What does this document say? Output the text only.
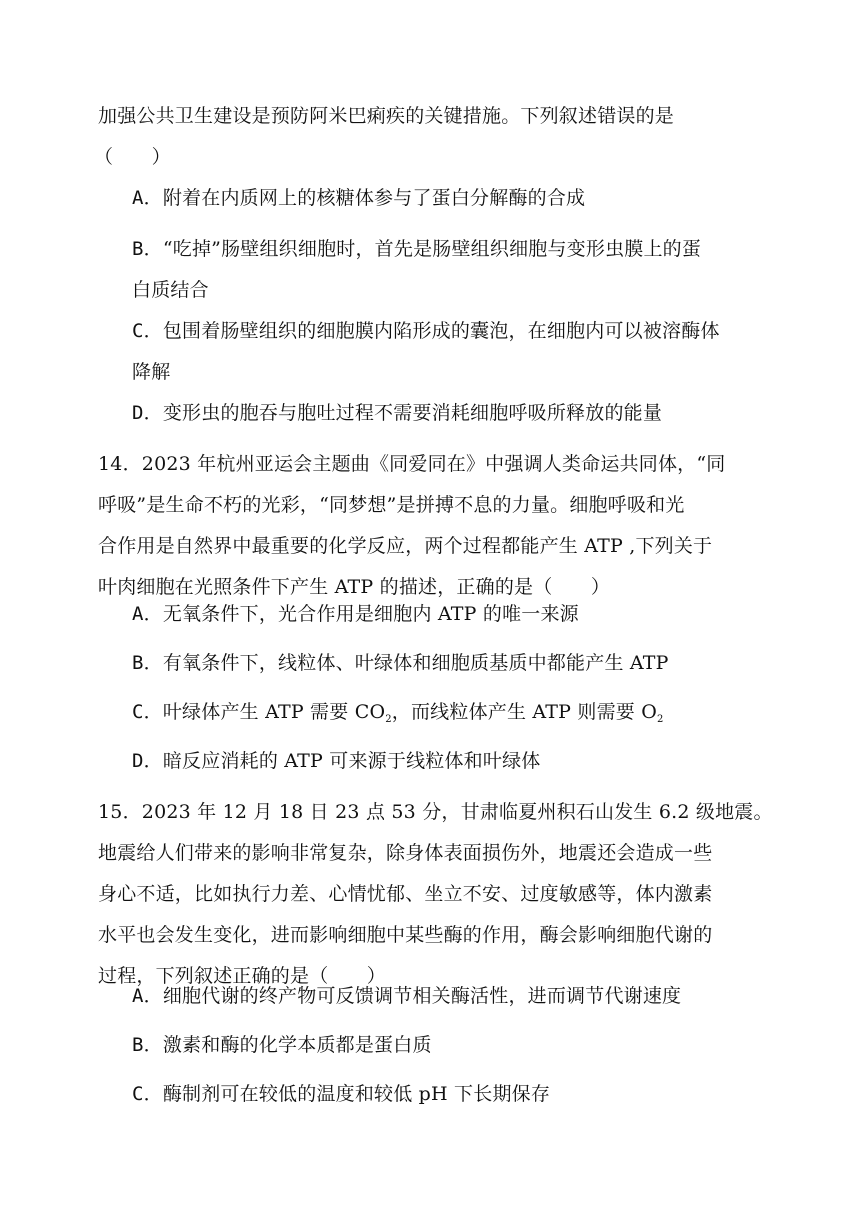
加强公共卫生建设是预防阿米巴痢疾的关键措施。下列叙述错误的是
（　　）
A．附着在内质网上的核糖体参与了蛋白分解酶的合成
B．“吃掉”肠壁组织细胞时，首先是肠壁组织细胞与变形虫膜上的蛋
白质结合
C．包围着肠壁组织的细胞膜内陷形成的囊泡，在细胞内可以被溶酶体
降解
D．变形虫的胞吞与胞吐过程不需要消耗细胞呼吸所释放的能量
14．2023 年杭州亚运会主题曲《同爱同在》中强调人类命运共同体，“同
呼吸”是生命不朽的光彩，“同梦想”是拼搏不息的力量。细胞呼吸和光
合作用是自然界中最重要的化学反应，两个过程都能产生 ATP ,下列关于
叶肉细胞在光照条件下产生 ATP 的描述，正确的是（　　）
A．无氧条件下，光合作用是细胞内 ATP 的唯一来源
B．有氧条件下，线粒体、叶绿体和细胞质基质中都能产生 ATP
C．叶绿体产生 ATP 需要 $CO_2$，而线粒体产生 ATP 则需要 $O_2$
D．暗反应消耗的 ATP 可来源于线粒体和叶绿体
15．2023 年 12 月 18 日 23 点 53 分，甘肃临夏州积石山发生 6.2 级地震。
地震给人们带来的影响非常复杂，除身体表面损伤外，地震还会造成一些
身心不适，比如执行力差、心情忧郁、坐立不安、过度敏感等，体内激素
水平也会发生变化，进而影响细胞中某些酶的作用，酶会影响细胞代谢的
过程，下列叙述正确的是（　　）
A．细胞代谢的终产物可反馈调节相关酶活性，进而调节代谢速度
B．激素和酶的化学本质都是蛋白质
C．酶制剂可在较低的温度和较低 pH 下长期保存
